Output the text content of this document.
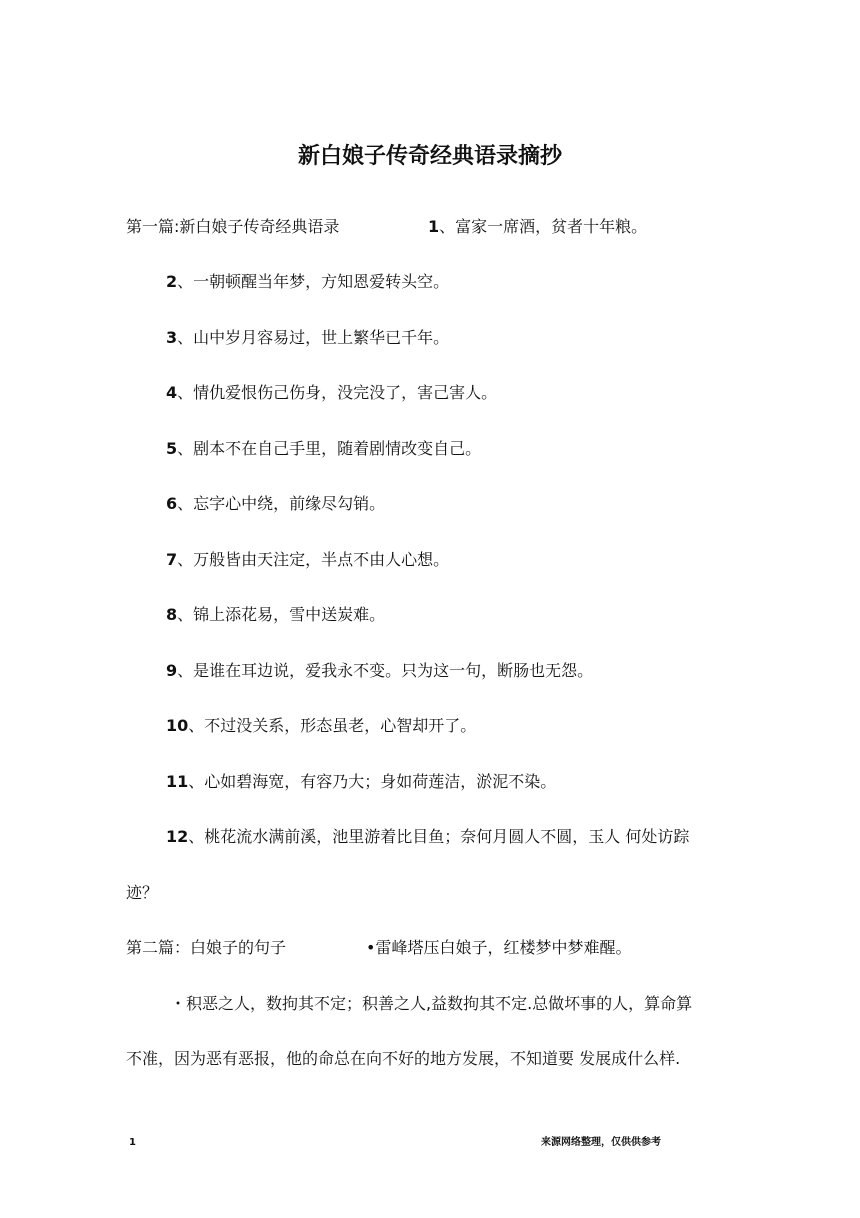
新白娘子传奇经典语录摘抄
第一篇:新白娘子传奇经典语录	1、富家一席酒，贫者十年粮。
2、一朝顿醒当年梦，方知恩爱转头空。
3、山中岁月容易过，世上繁华已千年。
4、情仇爱恨伤己伤身，没完没了，害己害人。
5、剧本不在自己手里，随着剧情改变自己。
6、忘字心中绕，前缘尽勾销。
7、万般皆由天注定，半点不由人心想。
8、锦上添花易，雪中送炭难。
9、是谁在耳边说，爱我永不变。只为这一句，断肠也无怨。
10、不过没关系，形态虽老，心智却开了。
11、心如碧海宽，有容乃大；身如荷莲洁，淤泥不染。
12、桃花流水满前溪，池里游着比目鱼；奈何月圆人不圆，玉人 何处访踪
迹？
第二篇：白娘子的句子	•雷峰塔压白娘子，红楼梦中梦难醒。
・积恶之人，数拘其不定；积善之人,益数拘其不定.总做坏事的人，算命算
不准，因为恶有恶报，他的命总在向不好的地方发展，不知道要 发展成什么样.
1	来源网络整理，仅供供参考
